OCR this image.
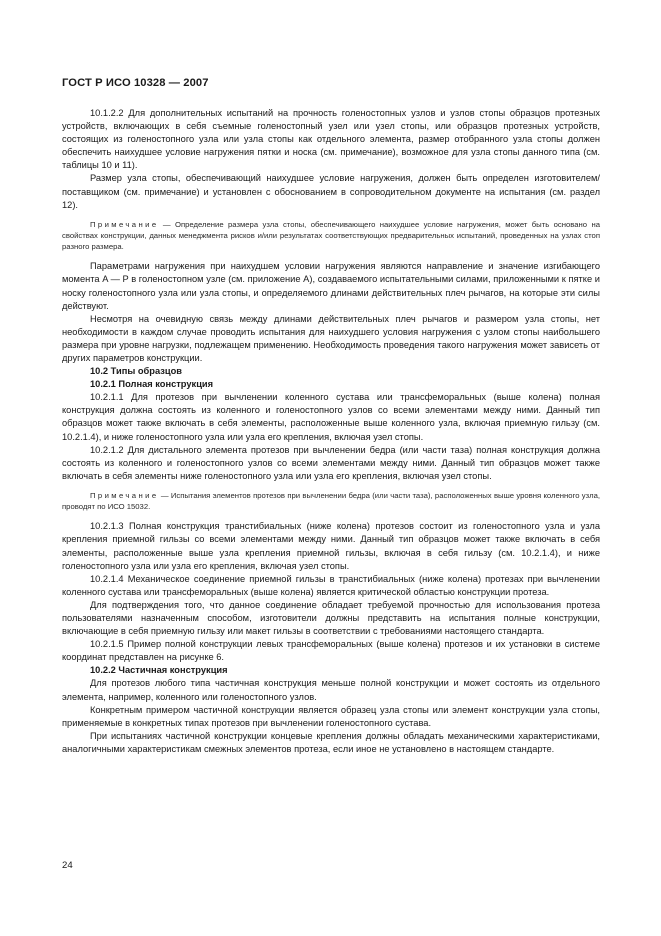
ГОСТ Р ИСО 10328 — 2007

10.1.2.2 Для дополнительных испытаний на прочность голеностопных узлов и узлов стопы образцов протезных устройств, включающих в себя съемные голеностопный узел или узел стопы, или образцов протезных устройств, состоящих из голеностопного узла или узла стопы как отдельного элемента, размер отобранного узла стопы должен обеспечить наихудшее условие нагружения пятки и носка (см. примечание), возможное для узла стопы данного типа (см. таблицы 10 и 11).

Размер узла стопы, обеспечивающий наихудшее условие нагружения, должен быть определен изготовителем/поставщиком (см. примечание) и установлен с обоснованием в сопроводительном документе на испытания (см. раздел 12).

Примечание — Определение размера узла стопы, обеспечивающего наихудшее условие нагружения, может быть основано на свойствах конструкции, данных менеджмента рисков и/или результатах соответствующих предварительных испытаний, проведенных на узлах стоп разного размера.

Параметрами нагружения при наихудшем условии нагружения являются направление и значение изгибающего момента A — P в голеностопном узле (см. приложение А), создаваемого испытательными силами, приложенными к пятке и носку голеностопного узла или узла стопы, и определяемого длинами действительных плеч рычагов, на которые эти силы действуют.

Несмотря на очевидную связь между длинами действительных плеч рычагов и размером узла стопы, нет необходимости в каждом случае проводить испытания для наихудшего условия нагружения с узлом стопы наибольшего размера при уровне нагрузки, подлежащем применению. Необходимость проведения такого нагружения может зависеть от других параметров конструкции.

10.2 Типы образцов

10.2.1 Полная конструкция

10.2.1.1 Для протезов при вычленении коленного сустава или трансфеморальных (выше колена) полная конструкция должна состоять из коленного и голеностопного узлов со всеми элементами между ними. Данный тип образцов может также включать в себя элементы, расположенные выше коленного узла, включая приемную гильзу (см. 10.2.1.4), и ниже голеностопного узла или узла его крепления, включая узел стопы.

10.2.1.2 Для дистального элемента протезов при вычленении бедра (или части таза) полная конструкция должна состоять из коленного и голеностопного узлов со всеми элементами между ними. Данный тип образцов может также включать в себя элементы ниже голеностопного узла или узла его крепления, включая узел стопы.

Примечание — Испытания элементов протезов при вычленении бедра (или части таза), расположенных выше уровня коленного узла, проводят по ИСО 15032.

10.2.1.3 Полная конструкция транстибиальных (ниже колена) протезов состоит из голеностопного узла и узла крепления приемной гильзы со всеми элементами между ними. Данный тип образцов может также включать в себя элементы, расположенные выше узла крепления приемной гильзы, включая в себя гильзу (см. 10.2.1.4), и ниже голеностопного узла или узла его крепления, включая узел стопы.

10.2.1.4 Механическое соединение приемной гильзы в транстибиальных (ниже колена) протезах при вычленении коленного сустава или трансфеморальных (выше колена) является критической областью конструкции протеза.

Для подтверждения того, что данное соединение обладает требуемой прочностью для использования протеза пользователями назначенным способом, изготовители должны представить на испытания полные конструкции, включающие в себя приемную гильзу или макет гильзы в соответствии с требованиями настоящего стандарта.

10.2.1.5 Пример полной конструкции левых трансфеморальных (выше колена) протезов и их установки в системе координат представлен на рисунке 6.

10.2.2 Частичная конструкция

Для протезов любого типа частичная конструкция меньше полной конструкции и может состоять из отдельного элемента, например, коленного или голеностопного узлов.

Конкретным примером частичной конструкции является образец узла стопы или элемент конструкции узла стопы, применяемые в конкретных типах протезов при вычленении голеностопного сустава.

При испытаниях частичной конструкции концевые крепления должны обладать механическими характеристиками, аналогичными характеристикам смежных элементов протеза, если иное не установлено в настоящем стандарте.

24
